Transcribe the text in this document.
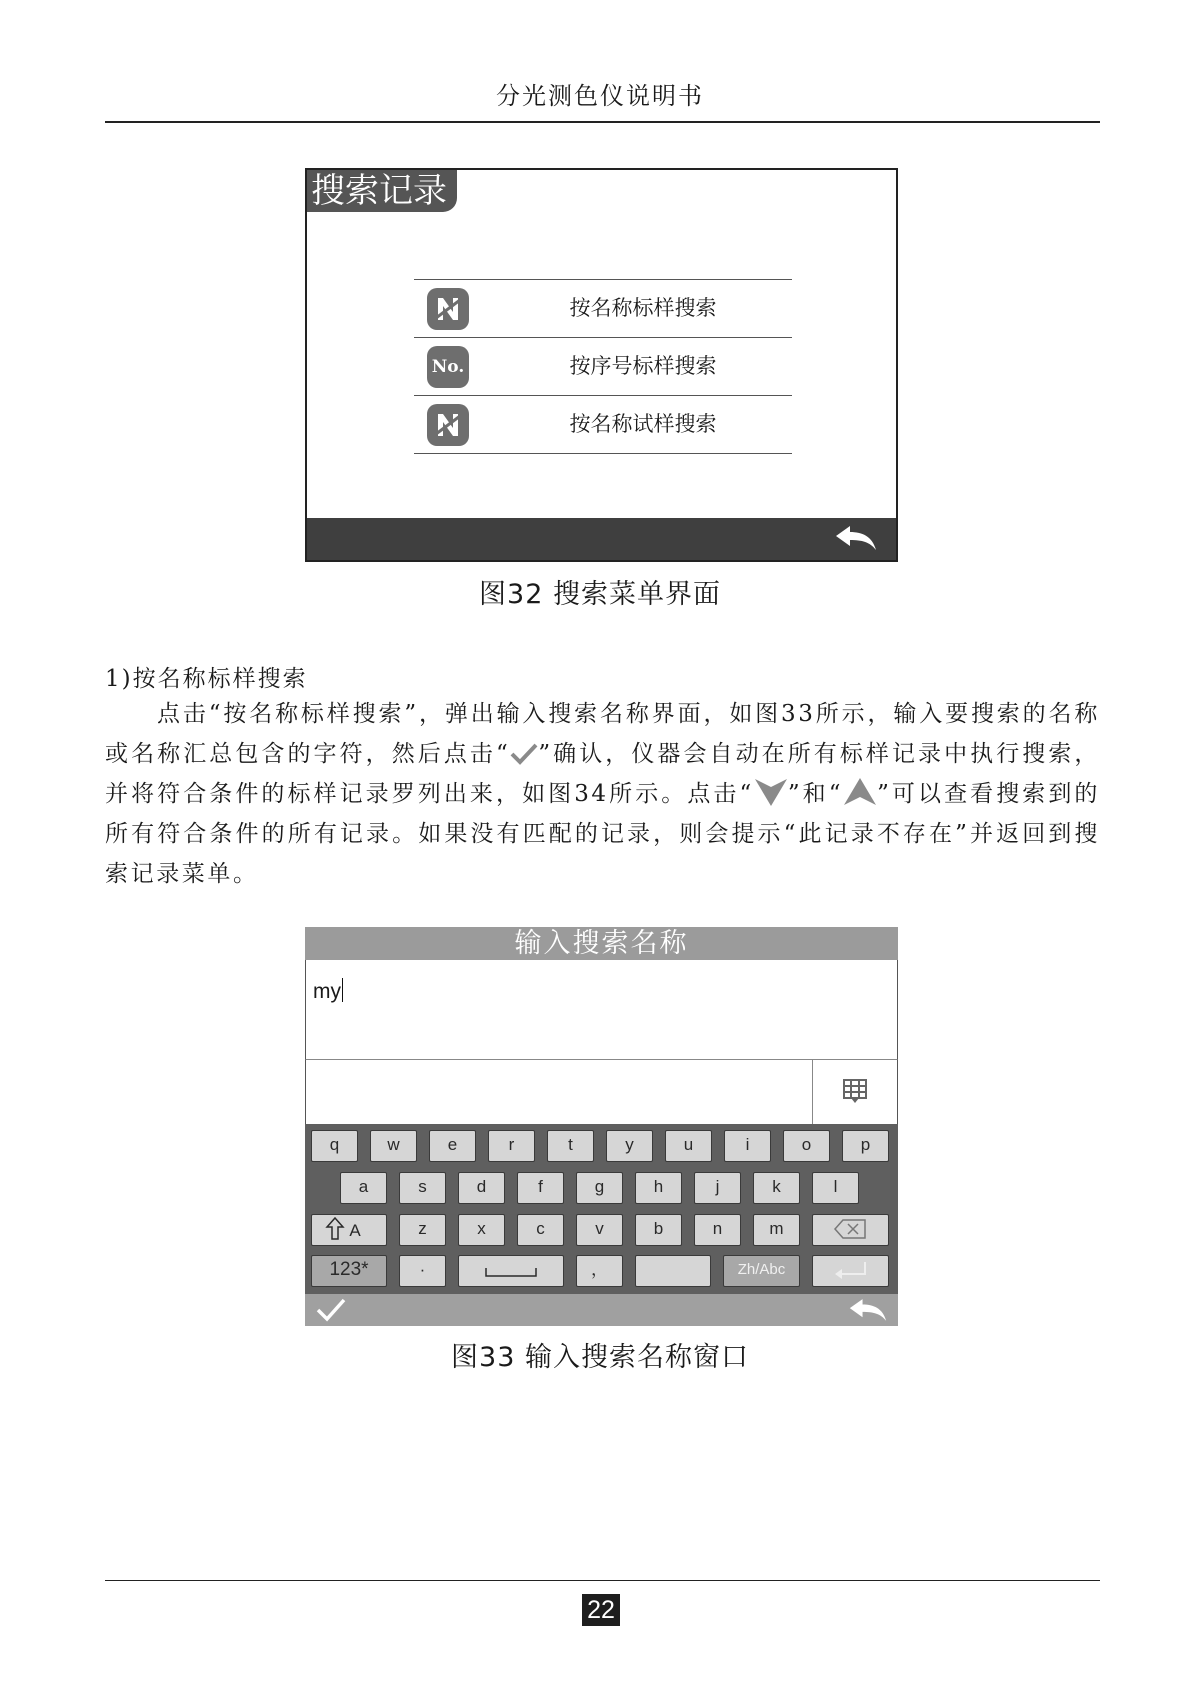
分光测色仪说明书
搜索记录
按名称标样搜索
No.	按序号标样搜索
按名称试样搜索
图32 搜索菜单界面
1)按名称标样搜索

点击“按名称标样搜索”，弹出输入搜索名称界面，如图33所示，输入要搜索的名称或名称汇总包含的字符，然后点击“ ”确认，仪器会自动在所有标样记录中执行搜索，并将符合条件的标样记录罗列出来，如图34所示。点击“ ”和“ ”可以查看搜索到的所有符合条件的所有记录。如果没有匹配的记录，则会提示“此记录不存在”并返回到搜索记录菜单。

输入搜索名称
my
q	w	e	r	t	y	u	i	o	p
a	s	d	f	g	h	j	k	l
A	z	x	c	v	b	n	m
123*	·	，	Zh/Abc
图33 输入搜索名称窗口
22
